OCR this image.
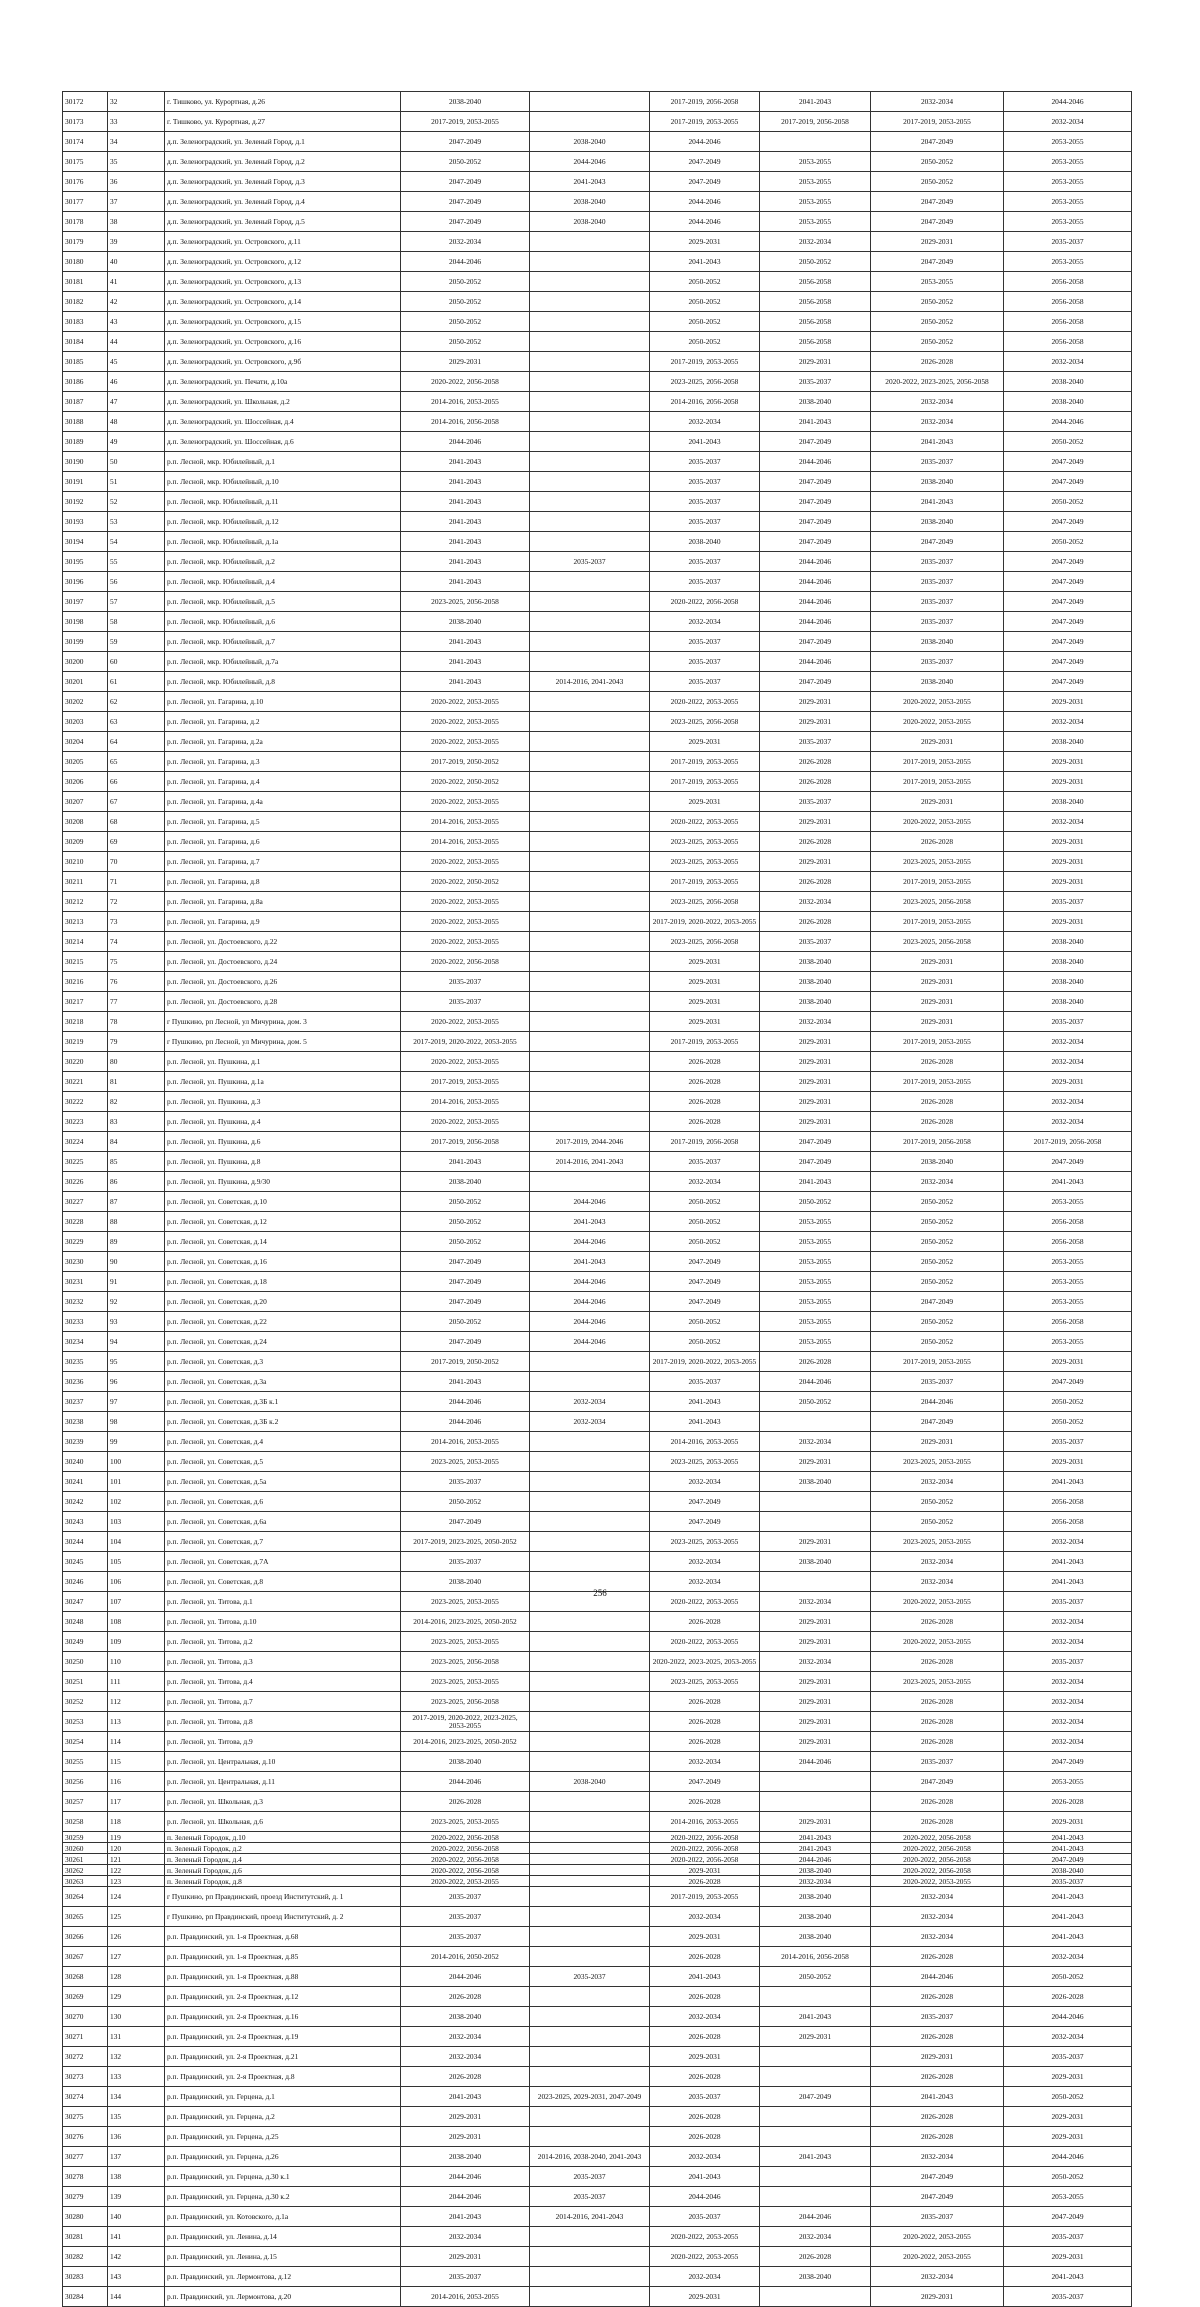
30172	32	г. Тишково, ул. Курортная, д.26	2038-2040		2017-2019, 2056-2058	2041-2043	2032-2034	2044-2046
30173	33	г. Тишково, ул. Курортная, д.27	2017-2019, 2053-2055		2017-2019, 2053-2055	2017-2019, 2056-2058	2017-2019, 2053-2055	2032-2034
30174	34	д.п. Зеленоградский, ул. Зеленый Город, д.1	2047-2049	2038-2040	2044-2046		2047-2049	2053-2055
30175	35	д.п. Зеленоградский, ул. Зеленый Город, д.2	2050-2052	2044-2046	2047-2049	2053-2055	2050-2052	2053-2055
30176	36	д.п. Зеленоградский, ул. Зеленый Город, д.3	2047-2049	2041-2043	2047-2049	2053-2055	2050-2052	2053-2055
30177	37	д.п. Зеленоградский, ул. Зеленый Город, д.4	2047-2049	2038-2040	2044-2046	2053-2055	2047-2049	2053-2055
30178	38	д.п. Зеленоградский, ул. Зеленый Город, д.5	2047-2049	2038-2040	2044-2046	2053-2055	2047-2049	2053-2055
30179	39	д.п. Зеленоградский, ул. Островского, д.11	2032-2034		2029-2031	2032-2034	2029-2031	2035-2037
30180	40	д.п. Зеленоградский, ул. Островского, д.12	2044-2046		2041-2043	2050-2052	2047-2049	2053-2055
30181	41	д.п. Зеленоградский, ул. Островского, д.13	2050-2052		2050-2052	2056-2058	2053-2055	2056-2058
30182	42	д.п. Зеленоградский, ул. Островского, д.14	2050-2052		2050-2052	2056-2058	2050-2052	2056-2058
30183	43	д.п. Зеленоградский, ул. Островского, д.15	2050-2052		2050-2052	2056-2058	2050-2052	2056-2058
30184	44	д.п. Зеленоградский, ул. Островского, д.16	2050-2052		2050-2052	2056-2058	2050-2052	2056-2058
30185	45	д.п. Зеленоградский, ул. Островского, д.9б	2029-2031		2017-2019, 2053-2055	2029-2031	2026-2028	2032-2034
30186	46	д.п. Зеленоградский, ул. Печати, д.10а	2020-2022, 2056-2058		2023-2025, 2056-2058	2035-2037	2020-2022, 2023-2025, 2056-2058	2038-2040
30187	47	д.п. Зеленоградский, ул. Школьная, д.2	2014-2016, 2053-2055		2014-2016, 2056-2058	2038-2040	2032-2034	2038-2040
30188	48	д.п. Зеленоградский, ул. Шоссейная, д.4	2014-2016, 2056-2058		2032-2034	2041-2043	2032-2034	2044-2046
30189	49	д.п. Зеленоградский, ул. Шоссейная, д.6	2044-2046		2041-2043	2047-2049	2041-2043	2050-2052
30190	50	р.п. Лесной, мкр. Юбилейный, д.1	2041-2043		2035-2037	2044-2046	2035-2037	2047-2049
30191	51	р.п. Лесной, мкр. Юбилейный, д.10	2041-2043		2035-2037	2047-2049	2038-2040	2047-2049
30192	52	р.п. Лесной, мкр. Юбилейный, д.11	2041-2043		2035-2037	2047-2049	2041-2043	2050-2052
30193	53	р.п. Лесной, мкр. Юбилейный, д.12	2041-2043		2035-2037	2047-2049	2038-2040	2047-2049
30194	54	р.п. Лесной, мкр. Юбилейный, д.1а	2041-2043		2038-2040	2047-2049	2047-2049	2050-2052
30195	55	р.п. Лесной, мкр. Юбилейный, д.2	2041-2043	2035-2037	2035-2037	2044-2046	2035-2037	2047-2049
30196	56	р.п. Лесной, мкр. Юбилейный, д.4	2041-2043		2035-2037	2044-2046	2035-2037	2047-2049
30197	57	р.п. Лесной, мкр. Юбилейный, д.5	2023-2025, 2056-2058		2020-2022, 2056-2058	2044-2046	2035-2037	2047-2049
30198	58	р.п. Лесной, мкр. Юбилейный, д.6	2038-2040		2032-2034	2044-2046	2035-2037	2047-2049
30199	59	р.п. Лесной, мкр. Юбилейный, д.7	2041-2043		2035-2037	2047-2049	2038-2040	2047-2049
30200	60	р.п. Лесной, мкр. Юбилейный, д.7а	2041-2043		2035-2037	2044-2046	2035-2037	2047-2049
30201	61	р.п. Лесной, мкр. Юбилейный, д.8	2041-2043	2014-2016, 2041-2043	2035-2037	2047-2049	2038-2040	2047-2049
30202	62	р.п. Лесной, ул. Гагарина, д.10	2020-2022, 2053-2055		2020-2022, 2053-2055	2029-2031	2020-2022, 2053-2055	2029-2031
30203	63	р.п. Лесной, ул. Гагарина, д.2	2020-2022, 2053-2055		2023-2025, 2056-2058	2029-2031	2020-2022, 2053-2055	2032-2034
30204	64	р.п. Лесной, ул. Гагарина, д.2а	2020-2022, 2053-2055		2029-2031	2035-2037	2029-2031	2038-2040
30205	65	р.п. Лесной, ул. Гагарина, д.3	2017-2019, 2050-2052		2017-2019, 2053-2055	2026-2028	2017-2019, 2053-2055	2029-2031
30206	66	р.п. Лесной, ул. Гагарина, д.4	2020-2022, 2050-2052		2017-2019, 2053-2055	2026-2028	2017-2019, 2053-2055	2029-2031
30207	67	р.п. Лесной, ул. Гагарина, д.4а	2020-2022, 2053-2055		2029-2031	2035-2037	2029-2031	2038-2040
30208	68	р.п. Лесной, ул. Гагарина, д.5	2014-2016, 2053-2055		2020-2022, 2053-2055	2029-2031	2020-2022, 2053-2055	2032-2034
30209	69	р.п. Лесной, ул. Гагарина, д.6	2014-2016, 2053-2055		2023-2025, 2053-2055	2026-2028	2026-2028	2029-2031
30210	70	р.п. Лесной, ул. Гагарина, д.7	2020-2022, 2053-2055		2023-2025, 2053-2055	2029-2031	2023-2025, 2053-2055	2029-2031
30211	71	р.п. Лесной, ул. Гагарина, д.8	2020-2022, 2050-2052		2017-2019, 2053-2055	2026-2028	2017-2019, 2053-2055	2029-2031
30212	72	р.п. Лесной, ул. Гагарина, д.8а	2020-2022, 2053-2055		2023-2025, 2056-2058	2032-2034	2023-2025, 2056-2058	2035-2037
30213	73	р.п. Лесной, ул. Гагарина, д.9	2020-2022, 2053-2055		2017-2019, 2020-2022, 2053-2055	2026-2028	2017-2019, 2053-2055	2029-2031
30214	74	р.п. Лесной, ул. Достоевского, д.22	2020-2022, 2053-2055		2023-2025, 2056-2058	2035-2037	2023-2025, 2056-2058	2038-2040
30215	75	р.п. Лесной, ул. Достоевского, д.24	2020-2022, 2056-2058		2029-2031	2038-2040	2029-2031	2038-2040
30216	76	р.п. Лесной, ул. Достоевского, д.26	2035-2037		2029-2031	2038-2040	2029-2031	2038-2040
30217	77	р.п. Лесной, ул. Достоевского, д.28	2035-2037		2029-2031	2038-2040	2029-2031	2038-2040
30218	78	г Пушкино, рп Лесной, ул Мичурина, дом. 3	2020-2022, 2053-2055		2029-2031	2032-2034	2029-2031	2035-2037
30219	79	г Пушкино, рп Лесной, ул Мичурина, дом. 5	2017-2019, 2020-2022, 2053-2055		2017-2019, 2053-2055	2029-2031	2017-2019, 2053-2055	2032-2034
30220	80	р.п. Лесной, ул. Пушкина, д.1	2020-2022, 2053-2055		2026-2028	2029-2031	2026-2028	2032-2034
30221	81	р.п. Лесной, ул. Пушкина, д.1а	2017-2019, 2053-2055		2026-2028	2029-2031	2017-2019, 2053-2055	2029-2031
30222	82	р.п. Лесной, ул. Пушкина, д.3	2014-2016, 2053-2055		2026-2028	2029-2031	2026-2028	2032-2034
30223	83	р.п. Лесной, ул. Пушкина, д.4	2020-2022, 2053-2055		2026-2028	2029-2031	2026-2028	2032-2034
30224	84	р.п. Лесной, ул. Пушкина, д.6	2017-2019, 2056-2058	2017-2019, 2044-2046	2017-2019, 2056-2058	2047-2049	2017-2019, 2056-2058	2017-2019, 2056-2058
30225	85	р.п. Лесной, ул. Пушкина, д.8	2041-2043	2014-2016, 2041-2043	2035-2037	2047-2049	2038-2040	2047-2049
30226	86	р.п. Лесной, ул. Пушкина, д.9/30	2038-2040		2032-2034	2041-2043	2032-2034	2041-2043
30227	87	р.п. Лесной, ул. Советская, д.10	2050-2052	2044-2046	2050-2052	2050-2052	2050-2052	2053-2055
30228	88	р.п. Лесной, ул. Советская, д.12	2050-2052	2041-2043	2050-2052	2053-2055	2050-2052	2056-2058
30229	89	р.п. Лесной, ул. Советская, д.14	2050-2052	2044-2046	2050-2052	2053-2055	2050-2052	2056-2058
30230	90	р.п. Лесной, ул. Советская, д.16	2047-2049	2041-2043	2047-2049	2053-2055	2050-2052	2053-2055
30231	91	р.п. Лесной, ул. Советская, д.18	2047-2049	2044-2046	2047-2049	2053-2055	2050-2052	2053-2055
30232	92	р.п. Лесной, ул. Советская, д.20	2047-2049	2044-2046	2047-2049	2053-2055	2047-2049	2053-2055
30233	93	р.п. Лесной, ул. Советская, д.22	2050-2052	2044-2046	2050-2052	2053-2055	2050-2052	2056-2058
30234	94	р.п. Лесной, ул. Советская, д.24	2047-2049	2044-2046	2050-2052	2053-2055	2050-2052	2053-2055
30235	95	р.п. Лесной, ул. Советская, д.3	2017-2019, 2050-2052		2017-2019, 2020-2022, 2053-2055	2026-2028	2017-2019, 2053-2055	2029-2031
30236	96	р.п. Лесной, ул. Советская, д.3а	2041-2043		2035-2037	2044-2046	2035-2037	2047-2049
30237	97	р.п. Лесной, ул. Советская, д.3Б к.1	2044-2046	2032-2034	2041-2043	2050-2052	2044-2046	2050-2052
30238	98	р.п. Лесной, ул. Советская, д.3Б к.2	2044-2046	2032-2034	2041-2043		2047-2049	2050-2052
30239	99	р.п. Лесной, ул. Советская, д.4	2014-2016, 2053-2055		2014-2016, 2053-2055	2032-2034	2029-2031	2035-2037
30240	100	р.п. Лесной, ул. Советская, д.5	2023-2025, 2053-2055		2023-2025, 2053-2055	2029-2031	2023-2025, 2053-2055	2029-2031
30241	101	р.п. Лесной, ул. Советская, д.5а	2035-2037		2032-2034	2038-2040	2032-2034	2041-2043
30242	102	р.п. Лесной, ул. Советская, д.6	2050-2052		2047-2049		2050-2052	2056-2058
30243	103	р.п. Лесной, ул. Советская, д.6а	2047-2049		2047-2049		2050-2052	2056-2058
30244	104	р.п. Лесной, ул. Советская, д.7	2017-2019, 2023-2025, 2050-2052		2023-2025, 2053-2055	2029-2031	2023-2025, 2053-2055	2032-2034
30245	105	р.п. Лесной, ул. Советская, д.7А	2035-2037		2032-2034	2038-2040	2032-2034	2041-2043
30246	106	р.п. Лесной, ул. Советская, д.8	2038-2040		2032-2034		2032-2034	2041-2043
30247	107	р.п. Лесной, ул. Титова, д.1	2023-2025, 2053-2055		2020-2022, 2053-2055	2032-2034	2020-2022, 2053-2055	2035-2037
30248	108	р.п. Лесной, ул. Титова, д.10	2014-2016, 2023-2025, 2050-2052		2026-2028	2029-2031	2026-2028	2032-2034
30249	109	р.п. Лесной, ул. Титова, д.2	2023-2025, 2053-2055		2020-2022, 2053-2055	2029-2031	2020-2022, 2053-2055	2032-2034
30250	110	р.п. Лесной, ул. Титова, д.3	2023-2025, 2056-2058		2020-2022, 2023-2025, 2053-2055	2032-2034	2026-2028	2035-2037
30251	111	р.п. Лесной, ул. Титова, д.4	2023-2025, 2053-2055		2023-2025, 2053-2055	2029-2031	2023-2025, 2053-2055	2032-2034
30252	112	р.п. Лесной, ул. Титова, д.7	2023-2025, 2056-2058		2026-2028	2029-2031	2026-2028	2032-2034
30253	113	р.п. Лесной, ул. Титова, д.8	2017-2019, 2020-2022, 2023-2025, 2053-2055		2026-2028	2029-2031	2026-2028	2032-2034
30254	114	р.п. Лесной, ул. Титова, д.9	2014-2016, 2023-2025, 2050-2052		2026-2028	2029-2031	2026-2028	2032-2034
30255	115	р.п. Лесной, ул. Центральная, д.10	2038-2040		2032-2034	2044-2046	2035-2037	2047-2049
30256	116	р.п. Лесной, ул. Центральная, д.11	2044-2046	2038-2040	2047-2049		2047-2049	2053-2055
30257	117	р.п. Лесной, ул. Школьная, д.3	2026-2028		2026-2028		2026-2028	2026-2028
30258	118	р.п. Лесной, ул. Школьная, д.6	2023-2025, 2053-2055		2014-2016, 2053-2055	2029-2031	2026-2028	2029-2031
30259	119	п. Зеленый Городок, д.10	2020-2022, 2056-2058		2020-2022, 2056-2058	2041-2043	2020-2022, 2056-2058	2041-2043
30260	120	п. Зеленый Городок, д.2	2020-2022, 2056-2058		2020-2022, 2056-2058	2041-2043	2020-2022, 2056-2058	2041-2043
30261	121	п. Зеленый Городок, д.4	2020-2022, 2056-2058		2020-2022, 2056-2058	2044-2046	2020-2022, 2056-2058	2047-2049
30262	122	п. Зеленый Городок, д.6	2020-2022, 2056-2058		2029-2031	2038-2040	2020-2022, 2056-2058	2038-2040
30263	123	п. Зеленый Городок, д.8	2020-2022, 2053-2055		2026-2028	2032-2034	2020-2022, 2053-2055	2035-2037
30264	124	г Пушкино, рп Правдинский, проезд Институтский, д. 1	2035-2037		2017-2019, 2053-2055	2038-2040	2032-2034	2041-2043
30265	125	г Пушкино, рп Правдинский, проезд Институтский, д. 2	2035-2037		2032-2034	2038-2040	2032-2034	2041-2043
30266	126	р.п. Правдинский, ул. 1-я Проектная, д.68	2035-2037		2029-2031	2038-2040	2032-2034	2041-2043
30267	127	р.п. Правдинский, ул. 1-я Проектная, д.85	2014-2016, 2050-2052		2026-2028	2014-2016, 2056-2058	2026-2028	2032-2034
30268	128	р.п. Правдинский, ул. 1-я Проектная, д.88	2044-2046	2035-2037	2041-2043	2050-2052	2044-2046	2050-2052
30269	129	р.п. Правдинский, ул. 2-я Проектная, д.12	2026-2028		2026-2028		2026-2028	2026-2028
30270	130	р.п. Правдинский, ул. 2-я Проектная, д.16	2038-2040		2032-2034	2041-2043	2035-2037	2044-2046
30271	131	р.п. Правдинский, ул. 2-я Проектная, д.19	2032-2034		2026-2028	2029-2031	2026-2028	2032-2034
30272	132	р.п. Правдинский, ул. 2-я Проектная, д.21	2032-2034		2029-2031		2029-2031	2035-2037
30273	133	р.п. Правдинский, ул. 2-я Проектная, д.8	2026-2028		2026-2028		2026-2028	2029-2031
30274	134	р.п. Правдинский, ул. Герцена, д.1	2041-2043	2023-2025, 2029-2031, 2047-2049	2035-2037	2047-2049	2041-2043	2050-2052
30275	135	р.п. Правдинский, ул. Герцена, д.2	2029-2031		2026-2028		2026-2028	2029-2031
30276	136	р.п. Правдинский, ул. Герцена, д.25	2029-2031		2026-2028		2026-2028	2029-2031
30277	137	р.п. Правдинский, ул. Герцена, д.26	2038-2040	2014-2016, 2038-2040, 2041-2043	2032-2034	2041-2043	2032-2034	2044-2046
30278	138	р.п. Правдинский, ул. Герцена, д.30 к.1	2044-2046	2035-2037	2041-2043		2047-2049	2050-2052
30279	139	р.п. Правдинский, ул. Герцена, д.30 к.2	2044-2046	2035-2037	2044-2046		2047-2049	2053-2055
30280	140	р.п. Правдинский, ул. Котовского, д.1а	2041-2043	2014-2016, 2041-2043	2035-2037	2044-2046	2035-2037	2047-2049
30281	141	р.п. Правдинский, ул. Ленина, д.14	2032-2034		2020-2022, 2053-2055	2032-2034	2020-2022, 2053-2055	2035-2037
30282	142	р.п. Правдинский, ул. Ленина, д.15	2029-2031		2020-2022, 2053-2055	2026-2028	2020-2022, 2053-2055	2029-2031
30283	143	р.п. Правдинский, ул. Лермонтова, д.12	2035-2037		2032-2034	2038-2040	2032-2034	2041-2043
30284	144	р.п. Правдинский, ул. Лермонтова, д.20	2014-2016, 2053-2055		2029-2031		2029-2031	2035-2037
256
